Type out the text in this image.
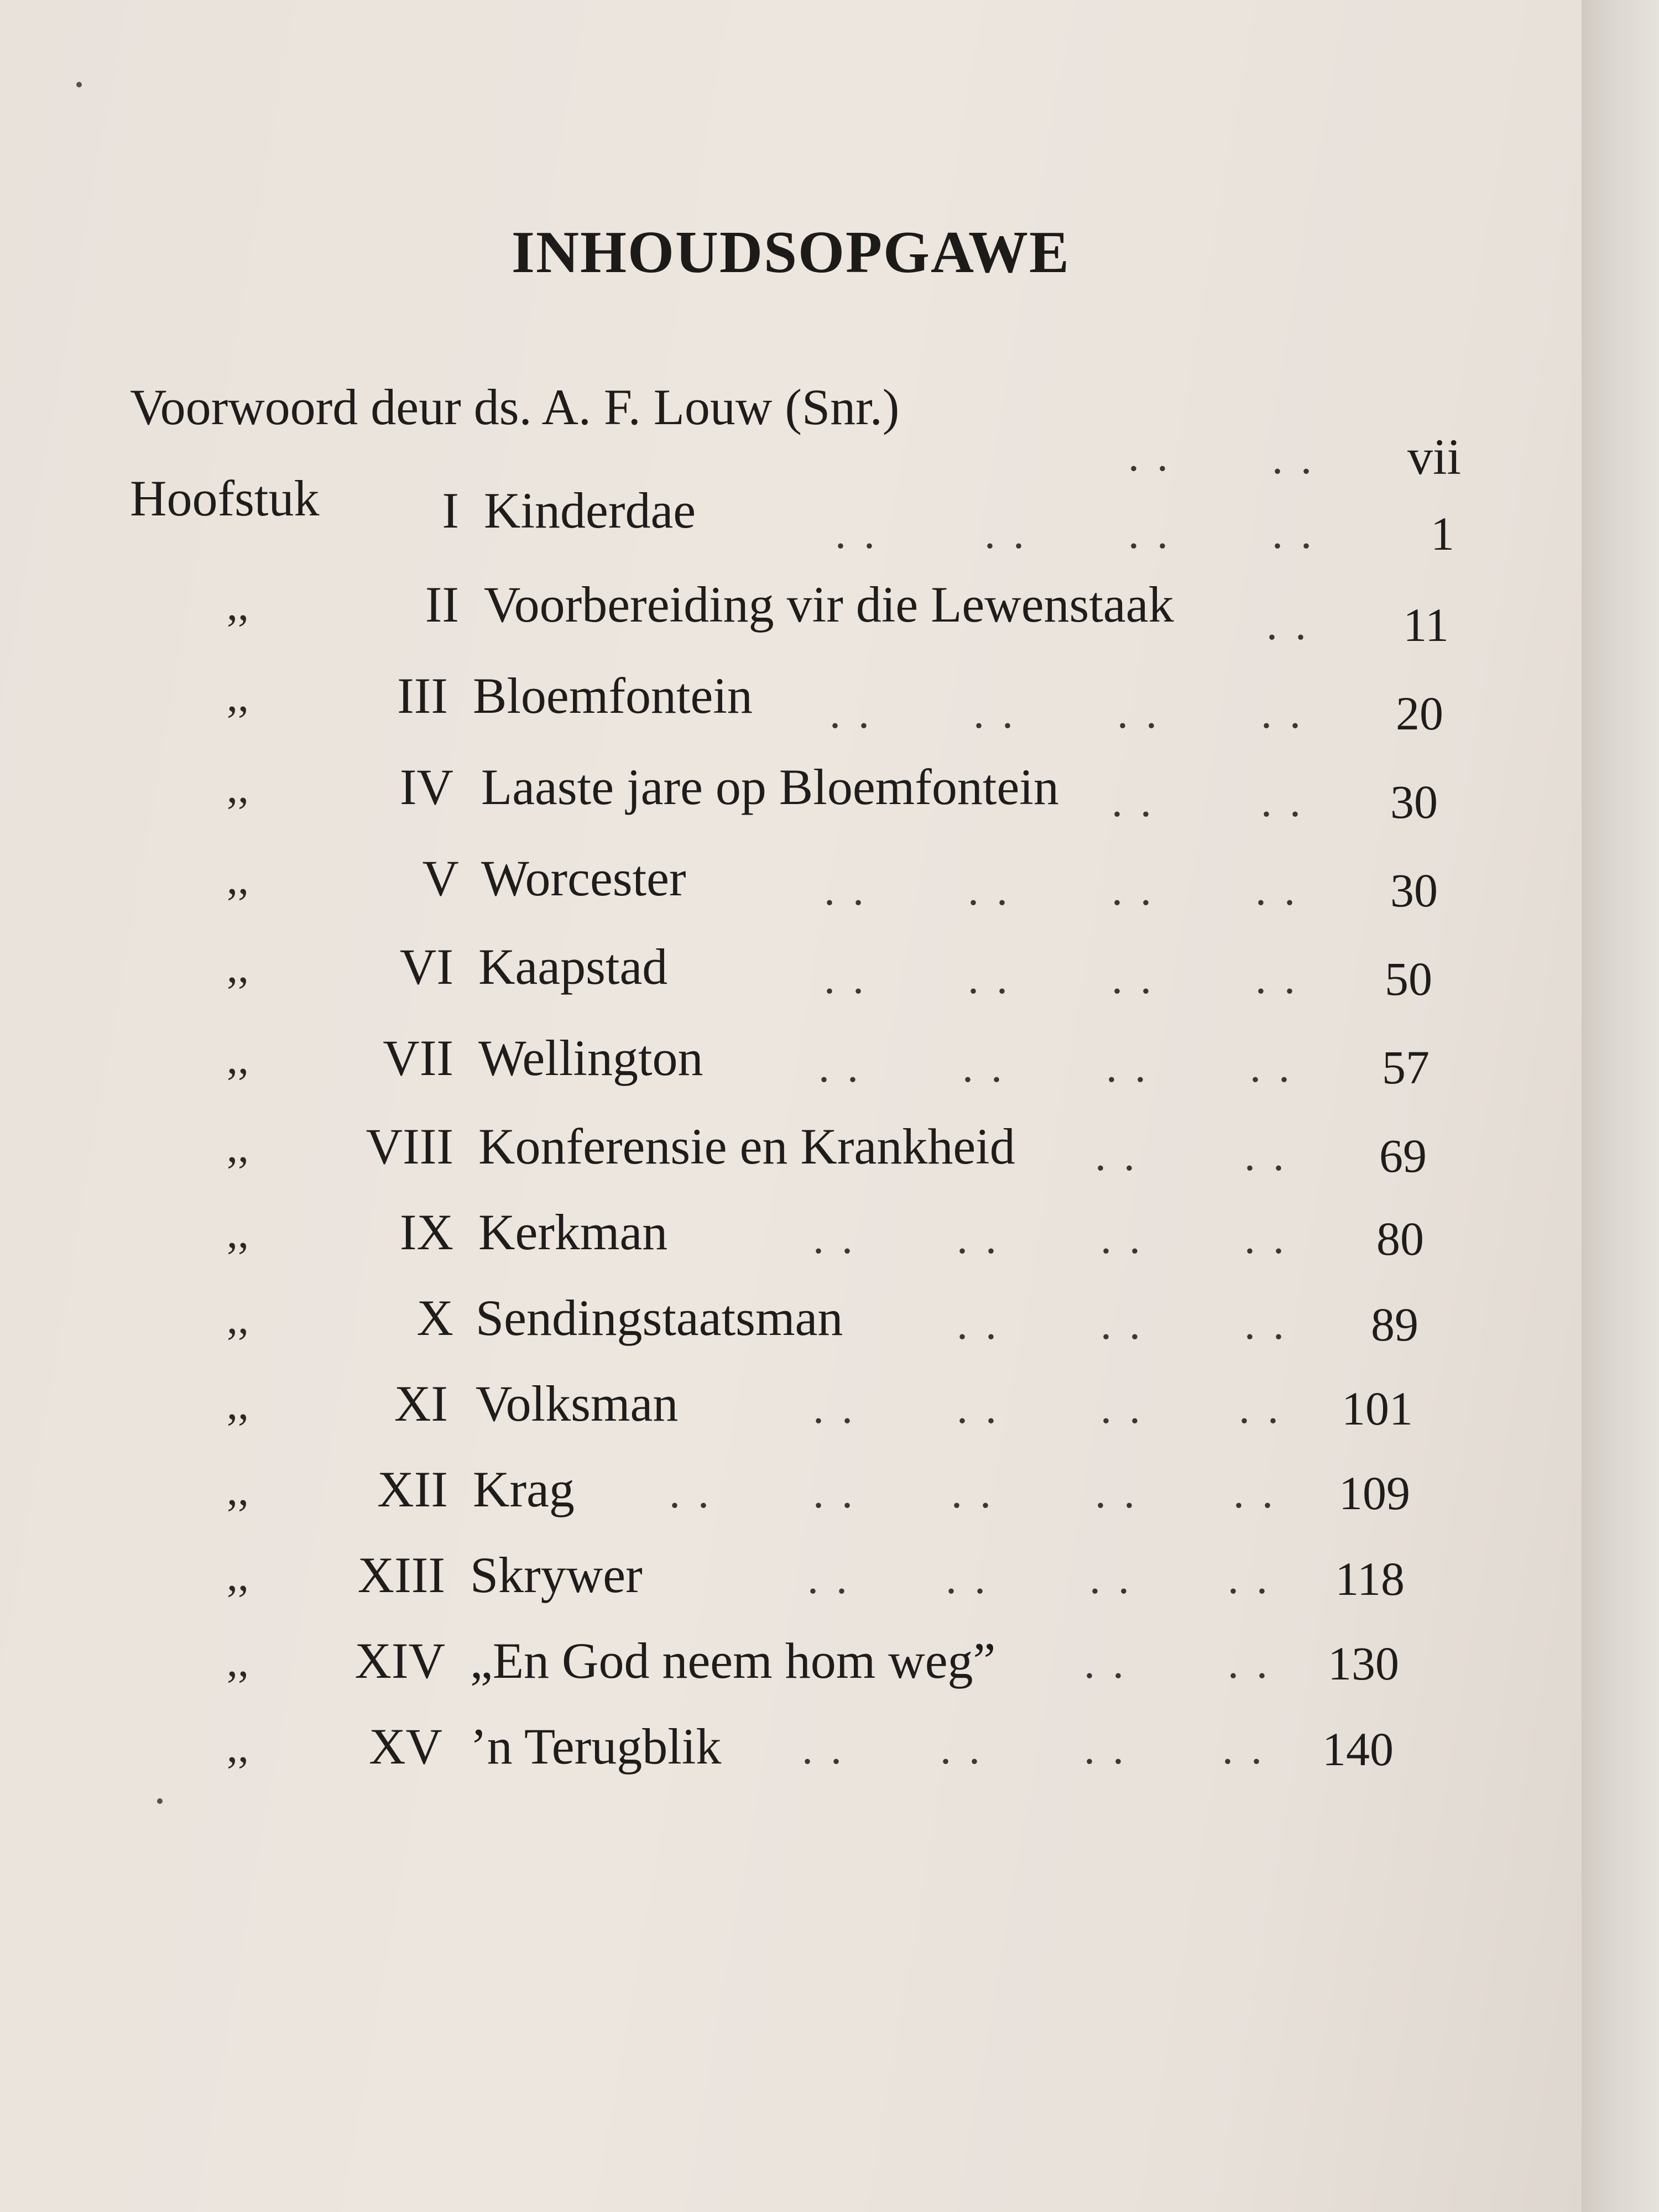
INHOUDSOPGAWE
Voorwoord deur ds. A. F. Louw (Snr.)
. . . . vii
Hoofstuk	I Kinderdae	. . . . . . . .	1
,,	II Voorbereiding vir die Lewenstaak . .	11
,,	III Bloemfontein . . . . . . . .	20
,,	IV Laaste jare op Bloemfontein . . . .	30
,,	V Worcester	. . . . . . . .	30
,,	VI Kaapstad	. . . . . . . .	50
,,	VII Wellington	. . . . . . . .	57
,,	VIII Konferensie en Krankheid . . . .	69
,,	IX Kerkman	. . . . . . . .	80
,,	X Sendingstaatsman	. . . . . .	89
,,	XI Volksman	. . . . . . . .	101
,,	XII Krag . . . . . . . . . .	109
,,	XIII Skrywer	. . . . . . . .	118
,,	XIV „En God neem hom weg” . . . .	130
,,	XV ’n Terugblik . . . . . . . .	140
